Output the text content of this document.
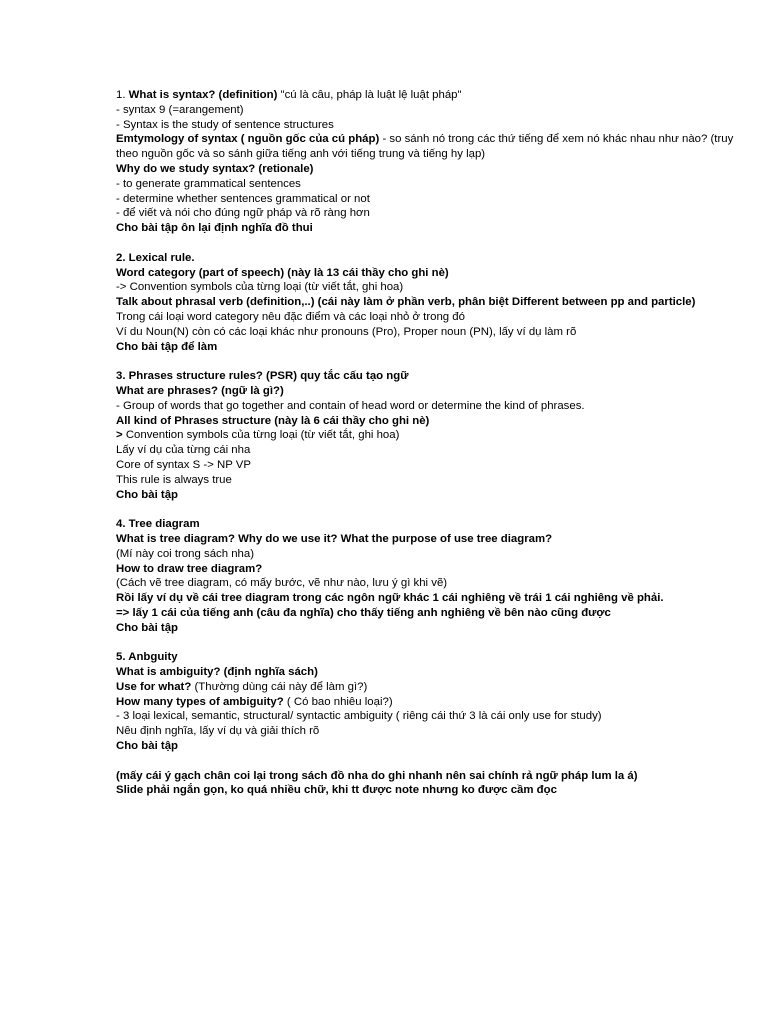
1. What is syntax? (definition) "cú là câu, pháp là luật lệ luật pháp"
- syntax 9 (=arangement)
- Syntax is the study of sentence structures
Emtymology of syntax ( nguồn gốc của cú pháp) - so sánh nó trong các thứ tiếng để xem nó khác nhau như nào? (truy theo nguồn gốc và so sánh giữa tiếng anh với tiếng trung và tiếng hy lạp)
Why do we study syntax? (retionale)
- to generate grammatical sentences
- determine whether sentences grammatical or not
- để viết và nói cho đúng ngữ pháp và rõ ràng hơn
Cho bài tập ôn lại định nghĩa đồ thui
2. Lexical rule.
Word category (part of speech) (này là 13 cái thầy cho ghi nè)
-> Convention symbols của từng loại (từ viết tắt, ghi hoa)
Talk about phrasal verb (definition,..) (cái này làm ở phần verb, phân biệt Different between pp and particle)
Trong cái loại word category nêu đặc điểm và các loại nhỏ ở trong đó
Ví du Noun(N) còn có các loại khác như pronouns (Pro), Proper noun (PN), lấy ví dụ làm rõ
Cho bài tập để làm
3. Phrases structure rules? (PSR) quy tắc cấu tạo ngữ
What are phrases? (ngữ là gì?)
- Group of words that go together and contain of head word or determine the kind of phrases.
All kind of Phrases structure (này là 6 cái thầy cho ghi nè)
> Convention symbols của từng loại (từ viết tắt, ghi hoa)
Lấy ví dụ của từng cái nha
Core of syntax S -> NP VP
This rule is always true
Cho bài tập
4. Tree diagram
What is tree diagram? Why do we use it? What the purpose of use tree diagram?
(Mí này coi trong sách nha)
How to draw tree diagram?
(Cách vẽ tree diagram, có mấy bước, vẽ như nào, lưu ý gì khi vẽ)
Rồi lấy ví dụ về cái tree diagram trong các ngôn ngữ khác 1 cái nghiêng về trái 1 cái nghiêng về phải.
=> lấy 1 cái của tiếng anh (câu đa nghĩa) cho thấy tiếng anh nghiêng về bên nào cũng được
Cho bài tập
5. Anbguity
What is ambiguity? (định nghĩa sách)
Use for what? (Thường dùng cái này để làm gì?)
How many types of ambiguity? ( Có bao nhiêu loại?)
- 3 loại lexical, semantic, structural/ syntactic ambiguity ( riêng cái thứ 3 là cái only use for study)
Nêu định nghĩa, lấy ví dụ và giải thích rõ
Cho bài tập
(mấy cái ý gạch chân coi lại trong sách đồ nha do ghi nhanh nên sai chính rả ngữ pháp lum la á)
Slide phải ngắn gọn, ko quá nhiều chữ, khi tt được note nhưng ko được cầm đọc
